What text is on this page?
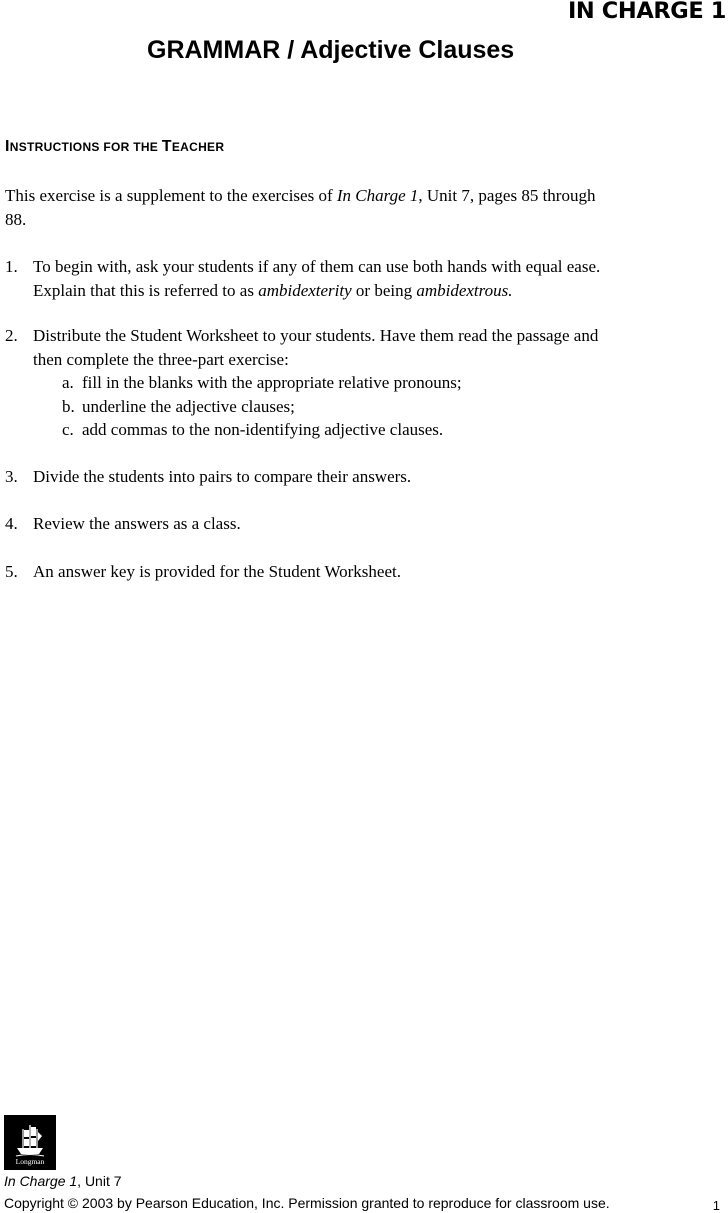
IN CHARGE 1
GRAMMAR / Adjective Clauses
INSTRUCTIONS FOR THE TEACHER

This exercise is a supplement to the exercises of In Charge 1, Unit 7, pages 85 through
88.

1. To begin with, ask your students if any of them can use both hands with equal ease.
Explain that this is referred to as ambidexterity or being ambidextrous.

2. Distribute the Student Worksheet to your students. Have them read the passage and
then complete the three-part exercise:
a. fill in the blanks with the appropriate relative pronouns;
b. underline the adjective clauses;
c. add commas to the non-identifying adjective clauses.

3. Divide the students into pairs to compare their answers.

4. Review the answers as a class.

5. An answer key is provided for the Student Worksheet.

Longman
In Charge 1, Unit 7
Copyright © 2003 by Pearson Education, Inc. Permission granted to reproduce for classroom use.	1
